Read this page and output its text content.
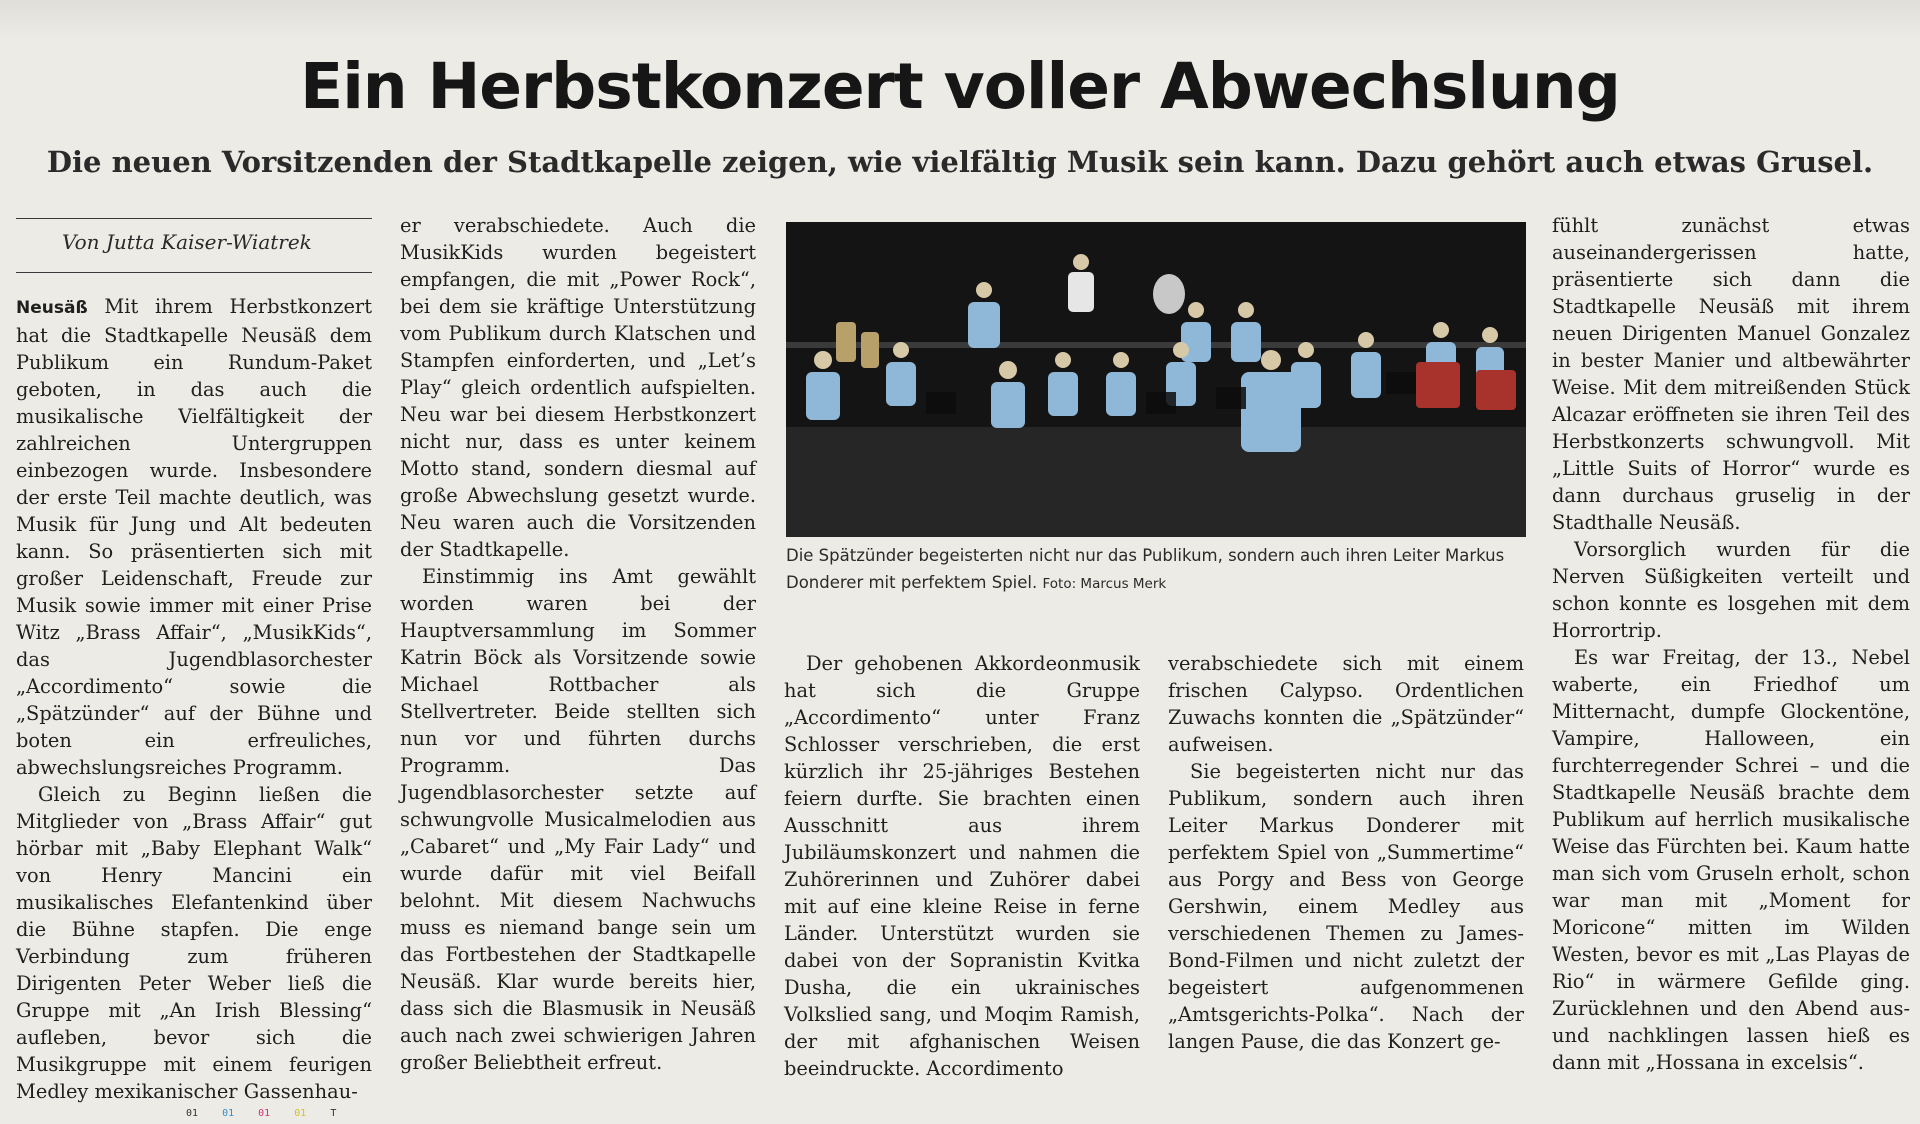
Ein Herbstkonzert voller Abwechslung
Die neuen Vorsitzenden der Stadtkapelle zeigen, wie vielfältig Musik sein kann. Dazu gehört auch etwas Grusel.
Von Jutta Kaiser-Wiatrek

Neusäß Mit ihrem Herbstkonzert hat die Stadtkapelle Neusäß dem Publikum ein Rundum-Paket geboten, in das auch die musikalische Vielfältigkeit der zahlreichen Untergruppen einbezogen wurde. Insbesondere der erste Teil machte deutlich, was Musik für Jung und Alt bedeuten kann. So präsentierten sich mit großer Leidenschaft, Freude zur Musik sowie immer mit einer Prise Witz „Brass Affair“, „MusikKids“, das Jugendblasorchester „Accordimento“ sowie die „Spätzünder“ auf der Bühne und boten ein erfreuliches, abwechslungsreiches Programm.

Gleich zu Beginn ließen die Mitglieder von „Brass Affair“ gut hörbar mit „Baby Elephant Walk“ von Henry Mancini ein musikalisches Elefantenkind über die Bühne stapfen. Die enge Verbindung zum früheren Dirigenten Peter Weber ließ die Gruppe mit „An Irish Blessing“ aufleben, bevor sich die Musikgruppe mit einem feurigen Medley mexikanischer Gassenhau-

er verabschiedete. Auch die MusikKids wurden begeistert empfangen, die mit „Power Rock“, bei dem sie kräftige Unterstützung vom Publikum durch Klatschen und Stampfen einforderten, und „Let’s Play“ gleich ordentlich aufspielten. Neu war bei diesem Herbstkonzert nicht nur, dass es unter keinem Motto stand, sondern diesmal auf große Abwechslung gesetzt wurde. Neu waren auch die Vorsitzenden der Stadtkapelle.

Einstimmig ins Amt gewählt worden waren bei der Hauptversammlung im Sommer Katrin Böck als Vorsitzende sowie Michael Rottbacher als Stellvertreter. Beide stellten sich nun vor und führten durchs Programm. Das Jugendblasorchester setzte auf schwungvolle Musicalmelodien aus „Cabaret“ und „My Fair Lady“ und wurde dafür mit viel Beifall belohnt. Mit diesem Nachwuchs muss es niemand bange sein um das Fortbestehen der Stadtkapelle Neusäß. Klar wurde bereits hier, dass sich die Blasmusik in Neusäß auch nach zwei schwierigen Jahren großer Beliebtheit erfreut.

Die Spätzünder begeisterten nicht nur das Publikum, sondern auch ihren Leiter Markus Donderer mit perfektem Spiel. Foto: Marcus Merk

Der gehobenen Akkordeonmusik hat sich die Gruppe „Accordimento“ unter Franz Schlosser verschrieben, die erst kürzlich ihr 25-jähriges Bestehen feiern durfte. Sie brachten einen Ausschnitt aus ihrem Jubiläumskonzert und nahmen die Zuhörerinnen und Zuhörer dabei mit auf eine kleine Reise in ferne Länder. Unterstützt wurden sie dabei von der Sopranistin Kvitka Dusha, die ein ukrainisches Volkslied sang, und Moqim Ramish, der mit afghanischen Weisen beeindruckte. Accordimento

verabschiedete sich mit einem frischen Calypso. Ordentlichen Zuwachs konnten die „Spätzünder“ aufweisen.

Sie begeisterten nicht nur das Publikum, sondern auch ihren Leiter Markus Donderer mit perfektem Spiel von „Summertime“ aus Porgy and Bess von George Gershwin, einem Medley aus verschiedenen Themen zu James-Bond-Filmen und nicht zuletzt der begeistert aufgenommenen „Amtsgerichts-Polka“. Nach der langen Pause, die das Konzert ge-

fühlt zunächst etwas auseinandergerissen hatte, präsentierte sich dann die Stadtkapelle Neusäß mit ihrem neuen Dirigenten Manuel Gonzalez in bester Manier und altbewährter Weise. Mit dem mitreißenden Stück Alcazar eröffneten sie ihren Teil des Herbstkonzerts schwungvoll. Mit „Little Suits of Horror“ wurde es dann durchaus gruselig in der Stadthalle Neusäß.

Vorsorglich wurden für die Nerven Süßigkeiten verteilt und schon konnte es losgehen mit dem Horrortrip.

Es war Freitag, der 13., Nebel waberte, ein Friedhof um Mitternacht, dumpfe Glockentöne, Vampire, Halloween, ein furchterregender Schrei – und die Stadtkapelle Neusäß brachte dem Publikum auf herrlich musikalische Weise das Fürchten bei. Kaum hatte man sich vom Gruseln erholt, schon war man mit „Moment for Moricone“ mitten im Wilden Westen, bevor es mit „Las Playas de Rio“ in wärmere Gefilde ging. Zurücklehnen und den Abend aus- und nachklingen lassen hieß es dann mit „Hossana in excelsis“.

01 01 01 01 T
